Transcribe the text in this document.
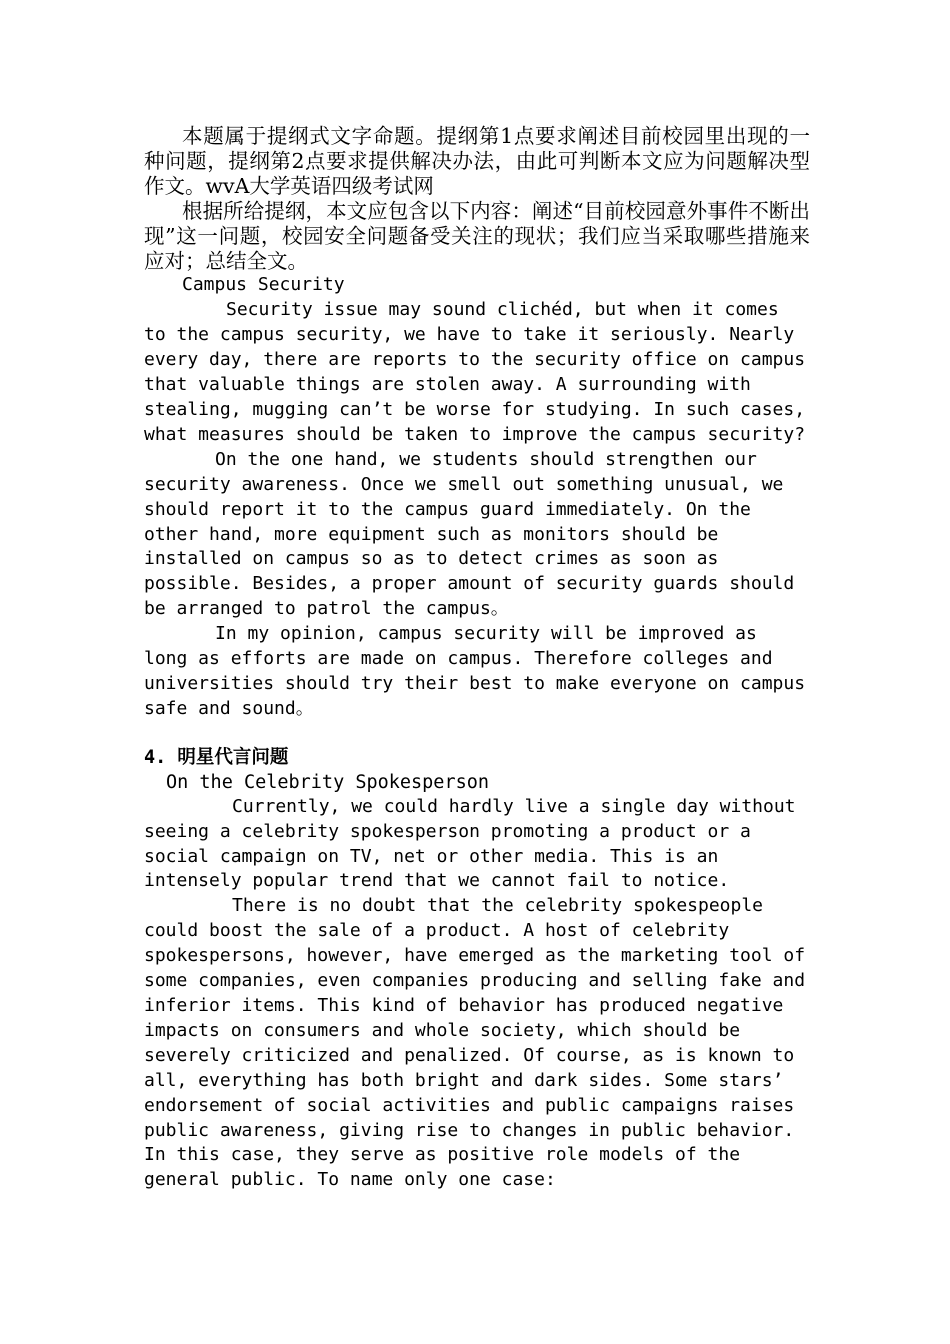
本题属于提纲式文字命题。提纲第1点要求阐述目前校园里出现的一种问题，提纲第2点要求提供解决办法，由此可判断本文应为问题解决型作文。wvA大学英语四级考试网

根据所给提纲，本文应包含以下内容：阐述“目前校园意外事件不断出现”这一问题，校园安全问题备受关注的现状；我们应当采取哪些措施来应对；总结全文。

Campus Security

Security issue may sound clichéd, but when it comes to the campus security, we have to take it seriously. Nearly every day, there are reports to the security office on campus that valuable things are stolen away. A surrounding with stealing, mugging can’t be worse for studying. In such cases, what measures should be taken to improve the campus security?

On the one hand, we students should strengthen our security awareness. Once we smell out something unusual, we should report it to the campus guard immediately. On the other hand, more equipment such as monitors should be installed on campus so as to detect crimes as soon as possible. Besides, a proper amount of security guards should be arranged to patrol the campus。

In my opinion, campus security will be improved as long as efforts are made on campus. Therefore colleges and universities should try their best to make everyone on campus safe and sound。

4. 明星代言问题

On the Celebrity Spokesperson

Currently, we could hardly live a single day without seeing a celebrity spokesperson promoting a product or a social campaign on TV, net or other media. This is an intensely popular trend that we cannot fail to notice.

There is no doubt that the celebrity spokespeople could boost the sale of a product. A host of celebrity spokespersons, however, have emerged as the marketing tool of some companies, even companies producing and selling fake and inferior items. This kind of behavior has produced negative impacts on consumers and whole society, which should be severely criticized and penalized. Of course, as is known to all, everything has both bright and dark sides. Some stars’ endorsement of social activities and public campaigns raises public awareness, giving rise to changes in public behavior. In this case, they serve as positive role models of the general public. To name only one case:
